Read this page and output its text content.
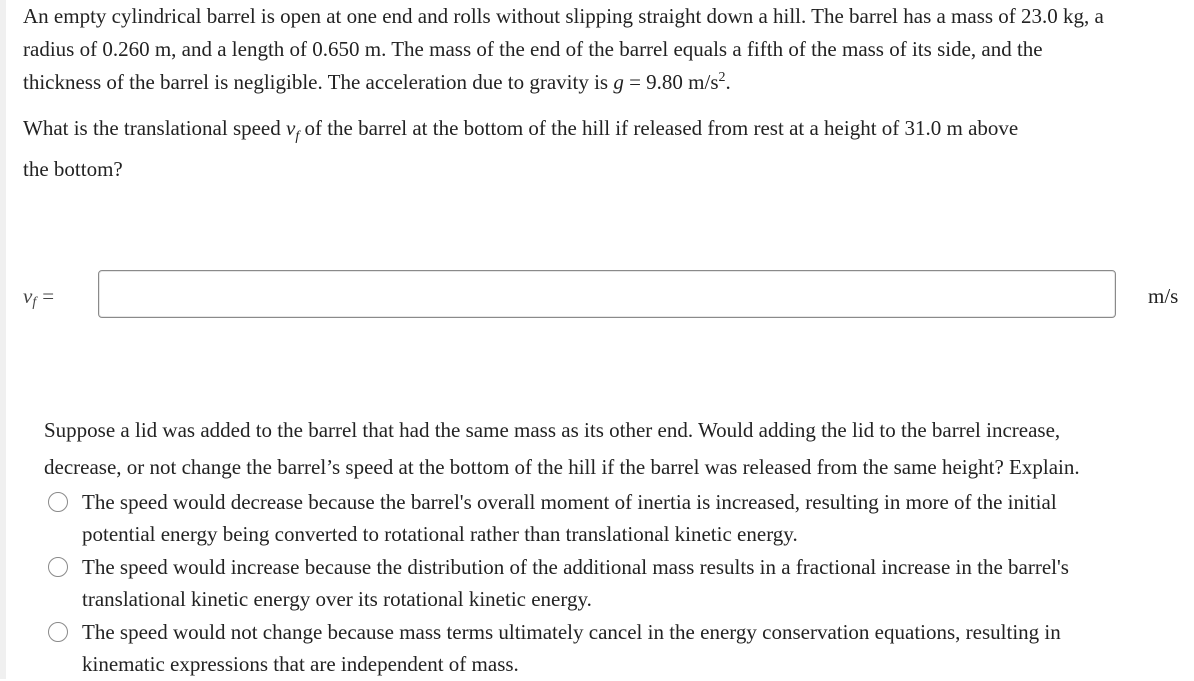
An empty cylindrical barrel is open at one end and rolls without slipping straight down a hill. The barrel has a mass of 23.0 kg, a

radius of 0.260 m, and a length of 0.650 m. The mass of the end of the barrel equals a fifth of the mass of its side, and the

thickness of the barrel is negligible. The acceleration due to gravity is g = 9.80 $m/s^2$.

What is the translational speed $v_f$ of the barrel at the bottom of the hill if released from rest at a height of 31.0 m above
the bottom?
$v_f$ =	m/s
Suppose a lid was added to the barrel that had the same mass as its other end. Would adding the lid to the barrel increase,
decrease, or not change the barrel’s speed at the bottom of the hill if the barrel was released from the same height? Explain.
The speed would decrease because the barrel's overall moment of inertia is increased, resulting in more of the initial
potential energy being converted to rotational rather than translational kinetic energy.
The speed would increase because the distribution of the additional mass results in a fractional increase in the barrel's
translational kinetic energy over its rotational kinetic energy.
The speed would not change because mass terms ultimately cancel in the energy conservation equations, resulting in
kinematic expressions that are independent of mass.
